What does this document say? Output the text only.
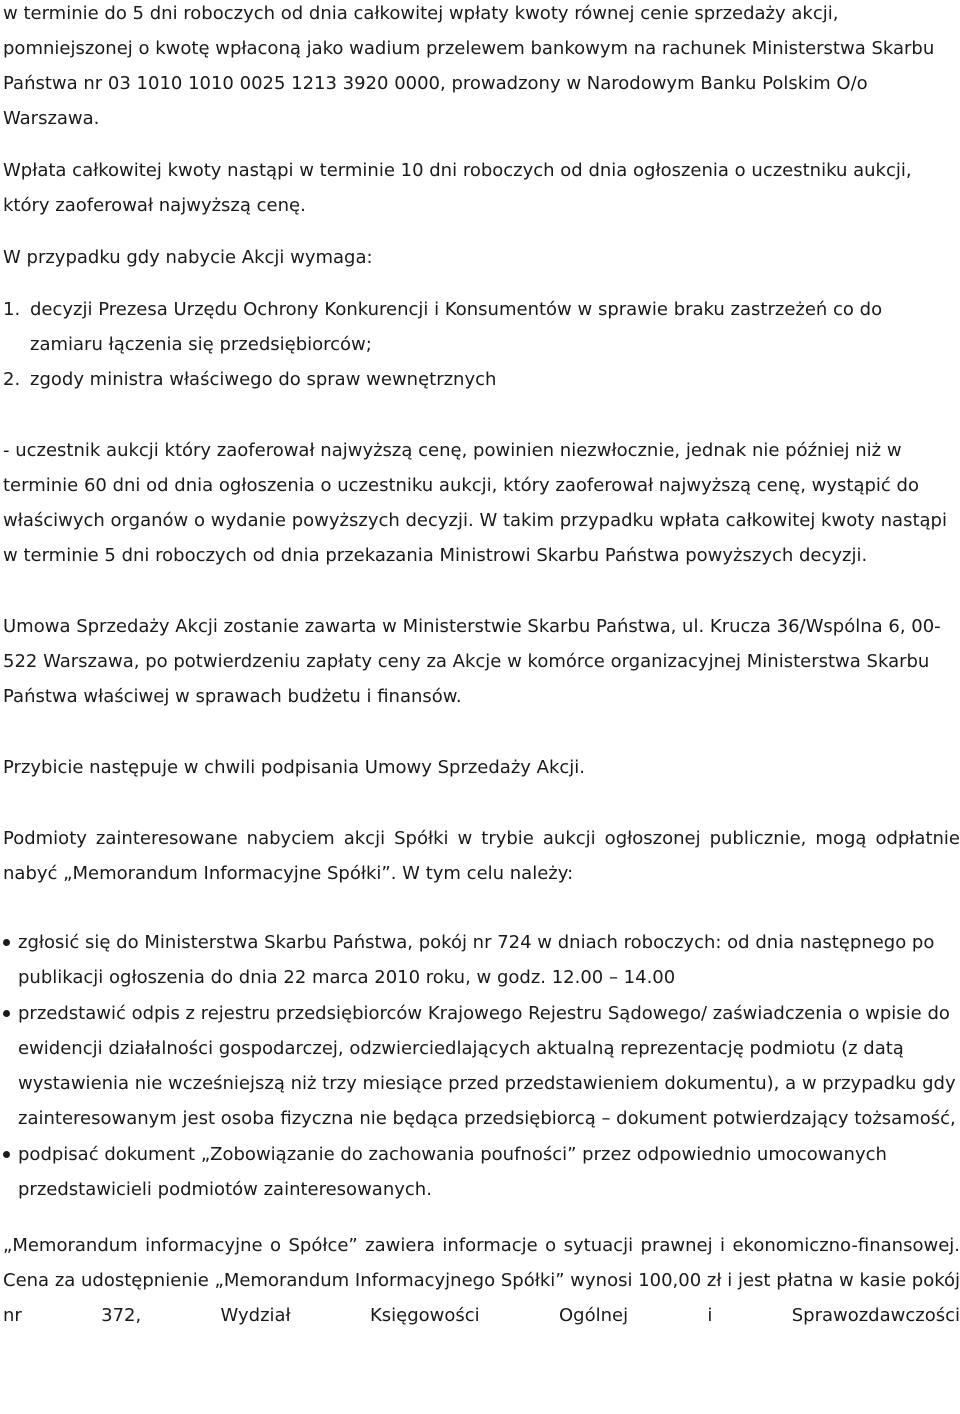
w terminie do 5 dni roboczych od dnia całkowitej wpłaty kwoty równej cenie sprzedaży akcji, pomniejszonej o kwotę wpłaconą jako wadium przelewem bankowym na rachunek Ministerstwa Skarbu Państwa nr 03 1010 1010 0025 1213 3920 0000, prowadzony w Narodowym Banku Polskim O/o Warszawa.

Wpłata całkowitej kwoty nastąpi w terminie 10 dni roboczych od dnia ogłoszenia o uczestniku aukcji, który zaoferował najwyższą cenę.

W przypadku gdy nabycie Akcji wymaga:

1. decyzji Prezesa Urzędu Ochrony Konkurencji i Konsumentów w sprawie braku zastrzeżeń co do zamiaru łączenia się przedsiębiorców;
2. zgody ministra właściwego do spraw wewnętrznych

- uczestnik aukcji który zaoferował najwyższą cenę, powinien niezwłocznie, jednak nie później niż w terminie 60 dni od dnia ogłoszenia o uczestniku aukcji, który zaoferował najwyższą cenę, wystąpić do właściwych organów o wydanie powyższych decyzji. W takim przypadku wpłata całkowitej kwoty nastąpi w terminie 5 dni roboczych od dnia przekazania Ministrowi Skarbu Państwa powyższych decyzji.

Umowa Sprzedaży Akcji zostanie zawarta w Ministerstwie Skarbu Państwa, ul. Krucza 36/Wspólna 6, 00-522 Warszawa, po potwierdzeniu zapłaty ceny za Akcje w komórce organizacyjnej Ministerstwa Skarbu Państwa właściwej w sprawach budżetu i finansów.

Przybicie następuje w chwili podpisania Umowy Sprzedaży Akcji.

Podmioty zainteresowane nabyciem akcji Spółki w trybie aukcji ogłoszonej publicznie, mogą odpłatnie nabyć „Memorandum Informacyjne Spółki”. W tym celu należy:

zgłosić się do Ministerstwa Skarbu Państwa, pokój nr 724 w dniach roboczych: od dnia następnego po publikacji ogłoszenia do dnia 22 marca 2010 roku, w godz. 12.00 – 14.00
przedstawić odpis z rejestru przedsiębiorców Krajowego Rejestru Sądowego/ zaświadczenia o wpisie do ewidencji działalności gospodarczej, odzwierciedlających aktualną reprezentację podmiotu (z datą wystawienia nie wcześniejszą niż trzy miesiące przed przedstawieniem dokumentu), a w przypadku gdy zainteresowanym jest osoba fizyczna nie będąca przedsiębiorcą – dokument potwierdzający tożsamość,
podpisać dokument „Zobowiązanie do zachowania poufności” przez odpowiednio umocowanych przedstawicieli podmiotów zainteresowanych.

„Memorandum informacyjne o Spółce” zawiera informacje o sytuacji prawnej i ekonomiczno-finansowej. Cena za udostępnienie „Memorandum Informacyjnego Spółki” wynosi 100,00 zł i jest płatna w kasie pokój nr 372, Wydział Księgowości Ogólnej i Sprawozdawczości
